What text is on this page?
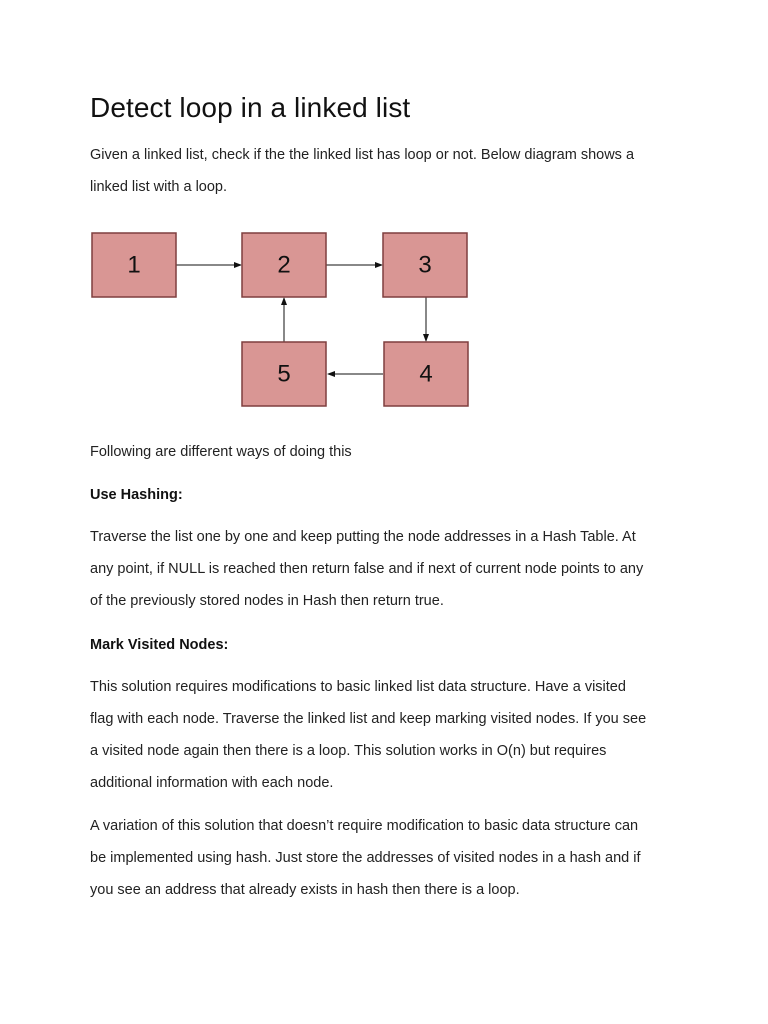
Detect loop in a linked list

Given a linked list, check if the the linked list has loop or not. Below diagram shows a

linked list with a loop.

1	2	3
4
5

Following are different ways of doing this

Use Hashing:

Traverse the list one by one and keep putting the node addresses in a Hash Table. At

any point, if NULL is reached then return false and if next of current node points to any

of the previously stored nodes in Hash then return true.

Mark Visited Nodes:

This solution requires modifications to basic linked list data structure. Have a visited

flag with each node. Traverse the linked list and keep marking visited nodes. If you see

a visited node again then there is a loop. This solution works in O(n) but requires

additional information with each node.

A variation of this solution that doesn’t require modification to basic data structure can

be implemented using hash. Just store the addresses of visited nodes in a hash and if

you see an address that already exists in hash then there is a loop.
